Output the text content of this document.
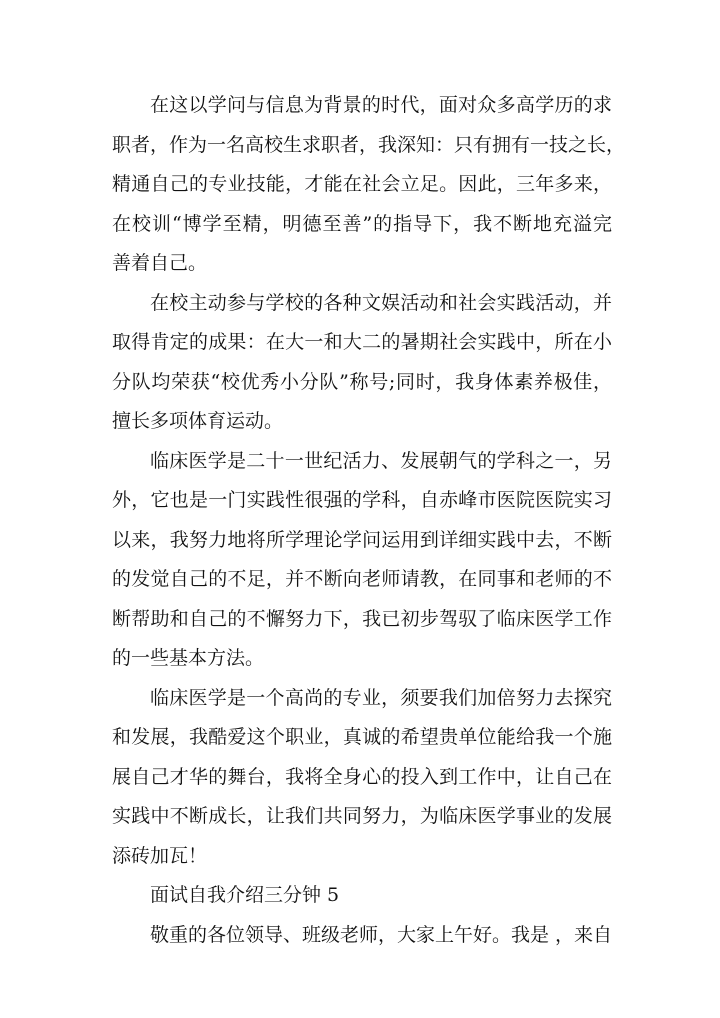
在这以学问与信息为背景的时代，面对众多高学历的求
职者，作为一名高校生求职者，我深知：只有拥有一技之长，
精通自己的专业技能，才能在社会立足。因此，三年多来，
在校训“博学至精，明德至善”的指导下，我不断地充溢完
善着自己。
在校主动参与学校的各种文娱活动和社会实践活动，并
取得肯定的成果：在大一和大二的暑期社会实践中，所在小
分队均荣获“校优秀小分队”称号;同时，我身体素养极佳，
擅长多项体育运动。
临床医学是二十一世纪活力、发展朝气的学科之一，另
外，它也是一门实践性很强的学科，自赤峰市医院医院实习
以来，我努力地将所学理论学问运用到详细实践中去，不断
的发觉自己的不足，并不断向老师请教，在同事和老师的不
断帮助和自己的不懈努力下，我已初步驾驭了临床医学工作
的一些基本方法。
临床医学是一个高尚的专业，须要我们加倍努力去探究
和发展，我酷爱这个职业，真诚的希望贵单位能给我一个施
展自己才华的舞台，我将全身心的投入到工作中，让自己在
实践中不断成长，让我们共同努力，为临床医学事业的发展
添砖加瓦！
面试自我介绍三分钟 5
敬重的各位领导、班级老师，大家上午好。我是 ，来自
